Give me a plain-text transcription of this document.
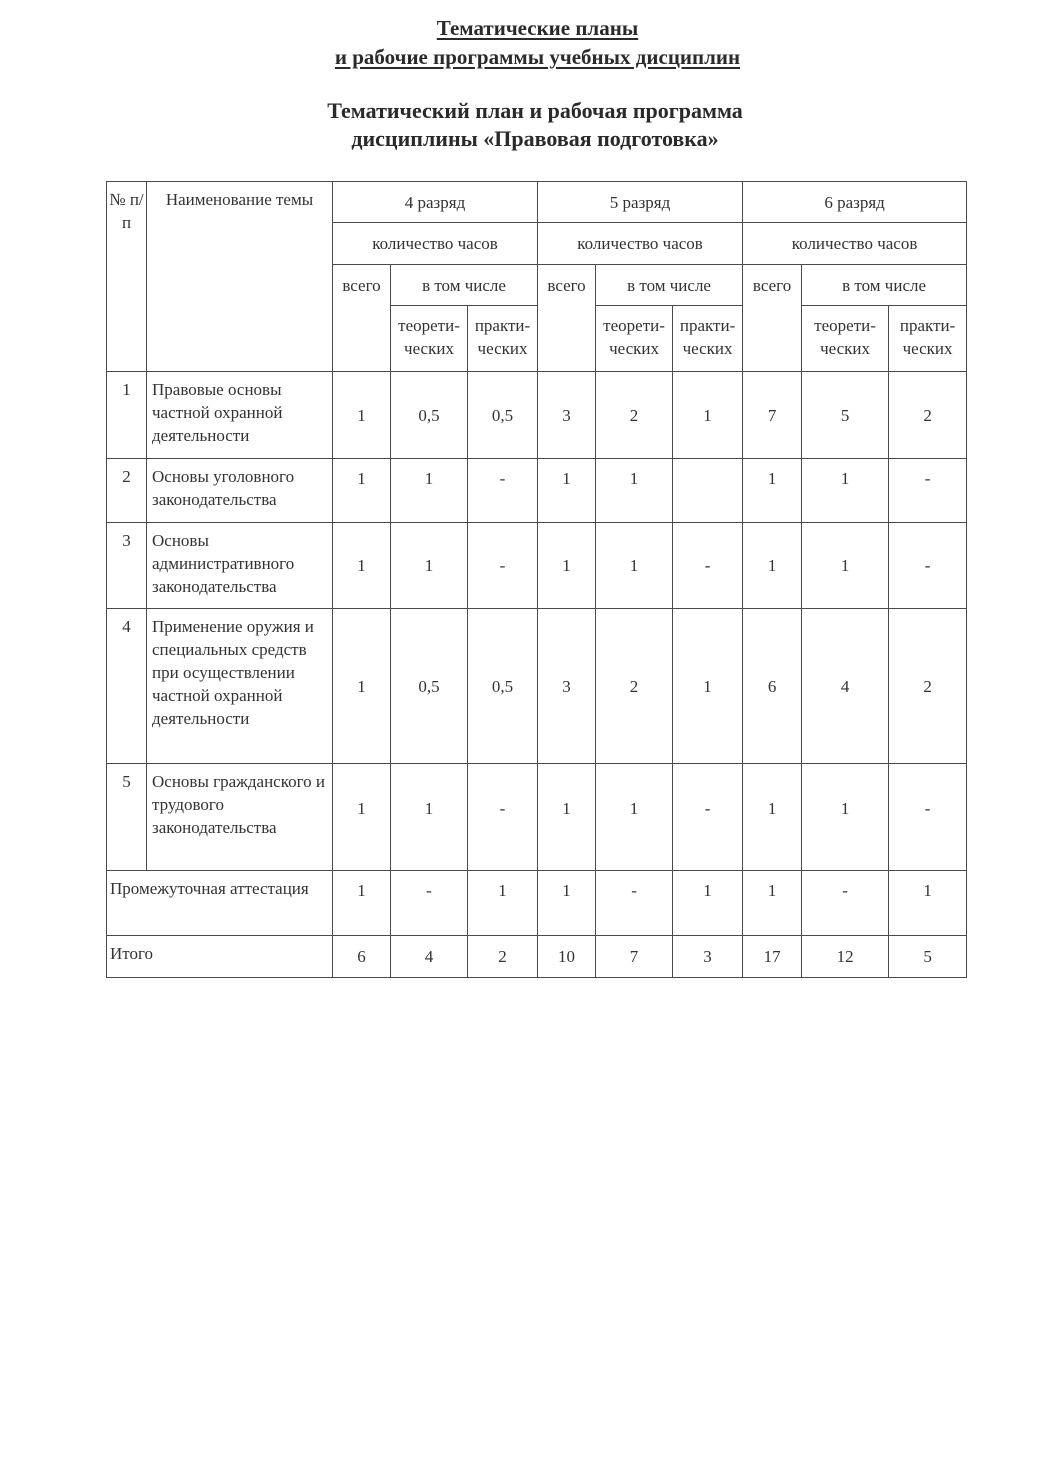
Тематические планы
и рабочие программы учебных дисциплин
Тематический план и рабочая программа
дисциплины «Правовая подготовка»
№ п/п	Наименование темы	4 разряд			5 разряд			6 разряд		
		количество часов			количество часов			количество часов		
		всего	в том числе		всего	в том числе		всего	в том числе	
			теорети-ческих	практи-ческих		теорети-ческих	практи-ческих		теорети-ческих	практи-ческих
1	Правовые основы частной охранной деятельности	1	0,5	0,5	3	2	1	7	5	2
2	Основы уголовного законодательства	1	1	-	1	1		1	1	-
3	Основы административного законодательства	1	1	-	1	1	-	1	1	-
4	Применение оружия и специальных средств при осуществлении частной охранной деятельности	1	0,5	0,5	3	2	1	6	4	2
5	Основы гражданского и трудового законодательства	1	1	-	1	1	-	1	1	-
Промежуточная аттестация		1	-	1	1	-	1	1	-	1
Итого		6	4	2	10	7	3	17	12	5
